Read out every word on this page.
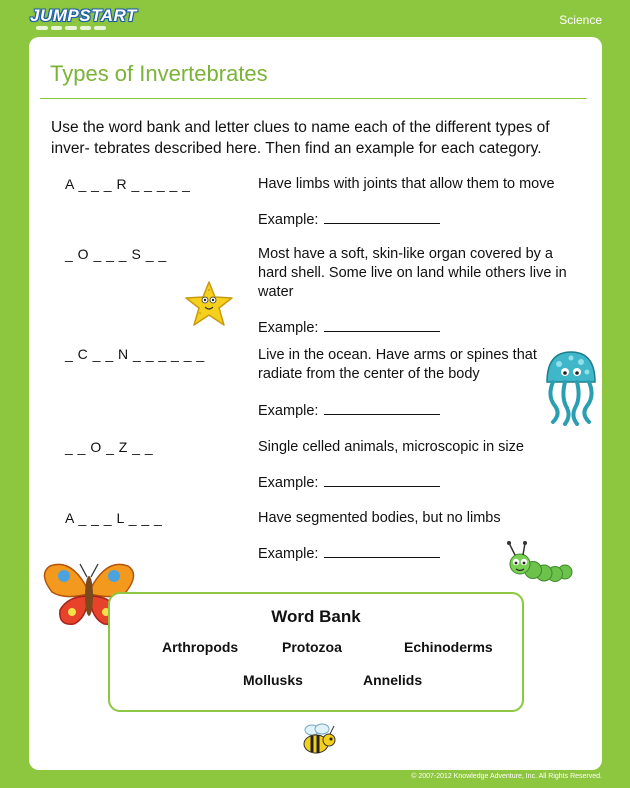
JUMPSTART	Science
Types of Invertebrates

Use the word bank and letter clues to name each of the different types of inver- tebrates described here. Then find an example for each category.

A _ _ _ R _ _ _ _ _	Have limbs with joints that allow them to move

Example:
_ O _ _ _ S _ _	Most have a soft, skin-like organ covered by a hard shell. Some live on land while others live in water

Example:
_ C _ _ N _ _ _ _ _ _	Live in the ocean. Have arms or spines that radiate from the center of the body

Example:
_ _ O _ Z _ _	Single celled animals, microscopic in size

Example:
A _ _ _ L _ _ _	Have segmented bodies, but no limbs

Example:
Word Bank
Arthropods	Protozoa	Echinoderms
Mollusks	Annelids
© 2007-2012 Knowledge Adventure, Inc. All Rights Reserved.
